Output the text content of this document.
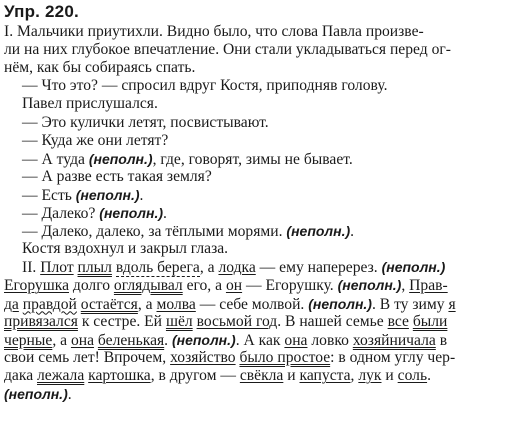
Упр. 220.
I. Мальчики приутихли. Видно было, что слова Павла произве-
ли на них глубокое впечатление. Они стали укладываться перед ог-
нём, как бы собираясь спать.
— Что это? — спросил вдруг Костя, приподняв голову.
Павел прислушался.
— Это кулички летят, посвистывают.
— Куда же они летят?
— А туда (неполн.), где, говорят, зимы не бывает.
— А разве есть такая земля?
— Есть (неполн.).
— Далеко? (неполн.).
— Далеко, далеко, за тёплыми морями. (неполн.).
Костя вздохнул и закрыл глаза.
II. Плот плыл вдоль берега, а лодка — ему наперерез. (неполн.)
Егорушка долго оглядывал его, а он — Егорушку. (неполн.), Прав-
да правдой остаётся, а молва — себе молвой. (неполн.). В ту зиму я
привязался к сестре. Ей шёл восьмой год. В нашей семье все были
черные, а она беленькая. (неполн.). А как она ловко хозяйничала в
свои семь лет! Впрочем, хозяйство было простое: в одном углу чер-
дака лежала картошка, в другом — свёкла и капуста, лук и соль.
(неполн.).
